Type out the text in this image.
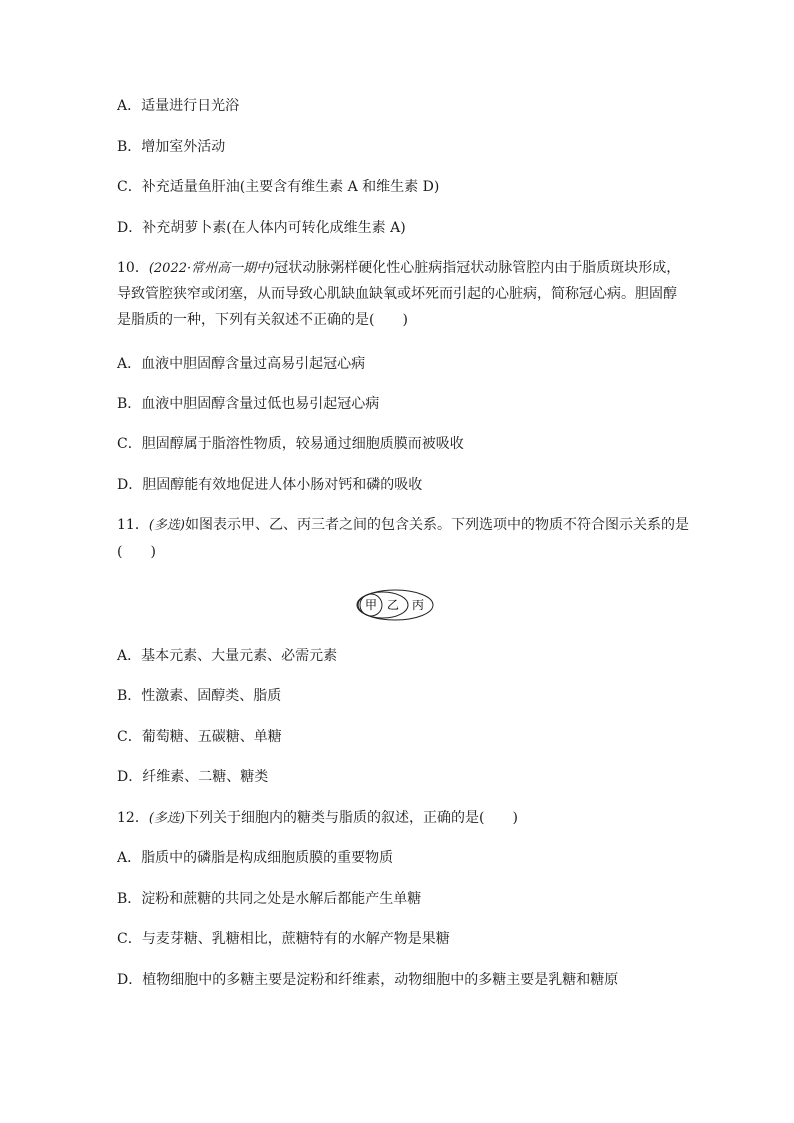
A．适量进行日光浴
B．增加室外活动
C．补充适量鱼肝油(主要含有维生素 A 和维生素 D)
D．补充胡萝卜素(在人体内可转化成维生素 A)
10．(2022·常州高一期中)冠状动脉粥样硬化性心脏病指冠状动脉管腔内由于脂质斑块形成，
导致管腔狭窄或闭塞，从而导致心肌缺血缺氧或坏死而引起的心脏病，简称冠心病。胆固醇
是脂质的一种，下列有关叙述不正确的是(　　)
A．血液中胆固醇含量过高易引起冠心病
B．血液中胆固醇含量过低也易引起冠心病
C．胆固醇属于脂溶性物质，较易通过细胞质膜而被吸收
D．胆固醇能有效地促进人体小肠对钙和磷的吸收
11．(多选)如图表示甲、乙、丙三者之间的包含关系。下列选项中的物质不符合图示关系的是
(　　)
甲 乙 丙
A．基本元素、大量元素、必需元素
B．性激素、固醇类、脂质
C．葡萄糖、五碳糖、单糖
D．纤维素、二糖、糖类
12．(多选)下列关于细胞内的糖类与脂质的叙述，正确的是(　　)
A．脂质中的磷脂是构成细胞质膜的重要物质
B．淀粉和蔗糖的共同之处是水解后都能产生单糖
C．与麦芽糖、乳糖相比，蔗糖特有的水解产物是果糖
D．植物细胞中的多糖主要是淀粉和纤维素，动物细胞中的多糖主要是乳糖和糖原
